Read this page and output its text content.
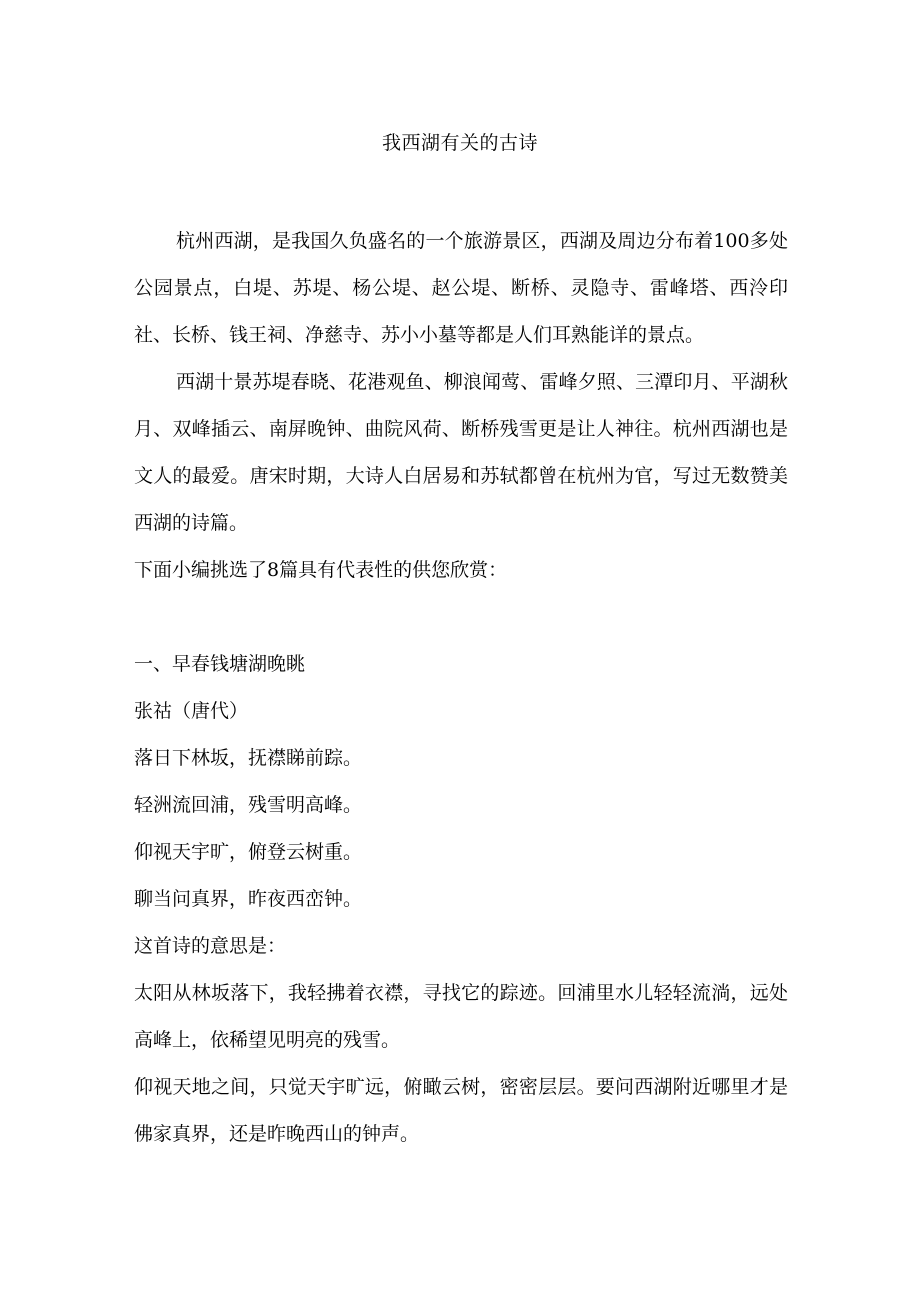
我西湖有关的古诗

杭州西湖，是我国久负盛名的一个旅游景区，西湖及周边分布着100多处公园景点，白堤、苏堤、杨公堤、赵公堤、断桥、灵隐寺、雷峰塔、西泠印社、长桥、钱王祠、净慈寺、苏小小墓等都是人们耳熟能详的景点。

西湖十景苏堤春晓、花港观鱼、柳浪闻莺、雷峰夕照、三潭印月、平湖秋月、双峰插云、南屏晚钟、曲院风荷、断桥残雪更是让人神往。杭州西湖也是文人的最爱。唐宋时期，大诗人白居易和苏轼都曾在杭州为官，写过无数赞美西湖的诗篇。

下面小编挑选了8篇具有代表性的供您欣赏：

一、早春钱塘湖晚眺

张祜（唐代）

落日下林坂，抚襟睇前踪。

轻洲流回浦，残雪明高峰。

仰视天宇旷，俯登云树重。

聊当问真界，昨夜西峦钟。

这首诗的意思是：

太阳从林坂落下，我轻拂着衣襟，寻找它的踪迹。回浦里水儿轻轻流淌，远处高峰上，依稀望见明亮的残雪。

仰视天地之间，只觉天宇旷远，俯瞰云树，密密层层。要问西湖附近哪里才是佛家真界，还是昨晚西山的钟声。
